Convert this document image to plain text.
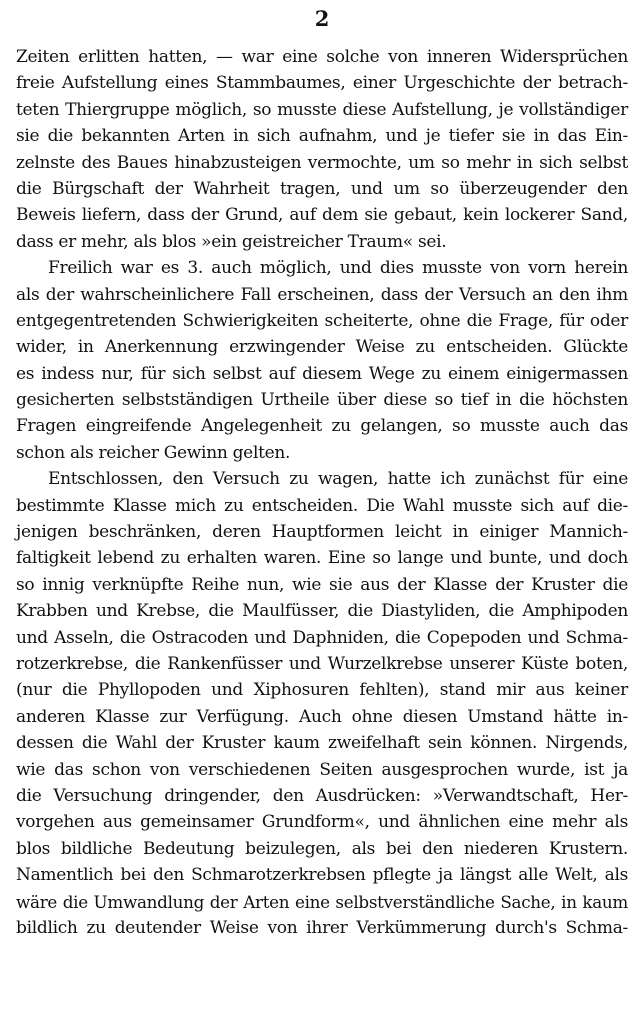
2
Zeiten erlitten hatten, — war eine solche von inneren Widersprüchen
freie Aufstellung eines Stammbaumes, einer Urgeschichte der betrach-
teten Thiergruppe möglich, so musste diese Aufstellung, je vollständiger
sie die bekannten Arten in sich aufnahm, und je tiefer sie in das Ein-
zelnste des Baues hinabzusteigen vermochte, um so mehr in sich selbst
die Bürgschaft der Wahrheit tragen, und um so überzeugender den
Beweis liefern, dass der Grund, auf dem sie gebaut, kein lockerer Sand,
dass er mehr, als blos »ein geistreicher Traum« sei.
Freilich war es 3. auch möglich, und dies musste von vorn herein
als der wahrscheinlichere Fall erscheinen, dass der Versuch an den ihm
entgegentretenden Schwierigkeiten scheiterte, ohne die Frage, für oder
wider, in Anerkennung erzwingender Weise zu entscheiden. Glückte
es indess nur, für sich selbst auf diesem Wege zu einem einigermassen
gesicherten selbstständigen Urtheile über diese so tief in die höchsten
Fragen eingreifende Angelegenheit zu gelangen, so musste auch das
schon als reicher Gewinn gelten.
Entschlossen, den Versuch zu wagen, hatte ich zunächst für eine
bestimmte Klasse mich zu entscheiden. Die Wahl musste sich auf die-
jenigen beschränken, deren Hauptformen leicht in einiger Mannich-
faltigkeit lebend zu erhalten waren. Eine so lange und bunte, und doch
so innig verknüpfte Reihe nun, wie sie aus der Klasse der Kruster die
Krabben und Krebse, die Maulfüsser, die Diastyliden, die Amphipoden
und Asseln, die Ostracoden und Daphniden, die Copepoden und Schma-
rotzerkrebse, die Rankenfüsser und Wurzelkrebse unserer Küste boten,
(nur die Phyllopoden und Xiphosuren fehlten), stand mir aus keiner
anderen Klasse zur Verfügung. Auch ohne diesen Umstand hätte in-
dessen die Wahl der Kruster kaum zweifelhaft sein können. Nirgends,
wie das schon von verschiedenen Seiten ausgesprochen wurde, ist ja
die Versuchung dringender, den Ausdrücken: »Verwandtschaft, Her-
vorgehen aus gemeinsamer Grundform«, und ähnlichen eine mehr als
blos bildliche Bedeutung beizulegen, als bei den niederen Krustern.
Namentlich bei den Schmarotzerkrebsen pflegte ja längst alle Welt, als
wäre die Umwandlung der Arten eine selbstverständliche Sache, in kaum
bildlich zu deutender Weise von ihrer Verkümmerung durch's Schma-
